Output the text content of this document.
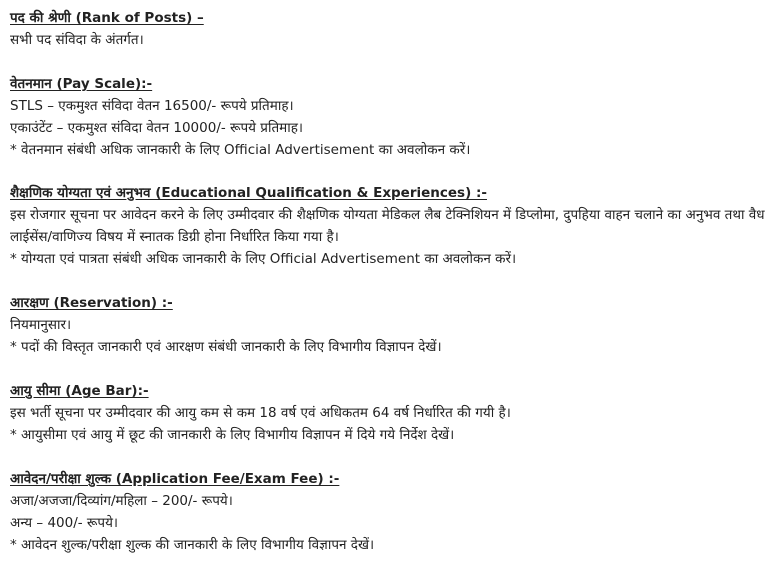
पद की श्रेणी (Rank of Posts) –
सभी पद संविदा के अंतर्गत।
वेतनमान (Pay Scale):-
STLS – एकमुश्त संविदा वेतन 16500/- रूपये प्रतिमाह।
एकाउंटेंट – एकमुश्त संविदा वेतन 10000/- रूपये प्रतिमाह।
* वेतनमान संबंधी अधिक जानकारी के लिए Official Advertisement का अवलोकन करें।
शैक्षणिक योग्यता एवं अनुभव (Educational Qualification & Experiences) :-
इस रोजगार सूचना पर आवेदन करने के लिए उम्मीदवार की शैक्षणिक योग्यता मेडिकल लैब टेक्निशियन में डिप्लोमा, दुपहिया वाहन चलाने का अनुभव तथा वैध लाईसेंस/वाणिज्य विषय में स्नातक डिग्री होना निर्धारित किया गया है।
* योग्यता एवं पात्रता संबंधी अधिक जानकारी के लिए Official Advertisement का अवलोकन करें।
आरक्षण (Reservation) :-
नियमानुसार।
* पदों की विस्तृत जानकारी एवं आरक्षण संबंधी जानकारी के लिए विभागीय विज्ञापन देखें।
आयु सीमा (Age Bar):-
इस भर्ती सूचना पर उम्मीदवार की आयु कम से कम 18 वर्ष एवं अधिकतम 64 वर्ष निर्धारित की गयी है।
* आयुसीमा एवं आयु में छूट की जानकारी के लिए विभागीय विज्ञापन में दिये गये निर्देश देखें।
आवेदन/परीक्षा शुल्क (Application Fee/Exam Fee) :-
अजा/अजजा/दिव्यांग/महिला – 200/- रूपये।
अन्य – 400/- रूपये।
* आवेदन शुल्क/परीक्षा शुल्क की जानकारी के लिए विभागीय विज्ञापन देखें।
